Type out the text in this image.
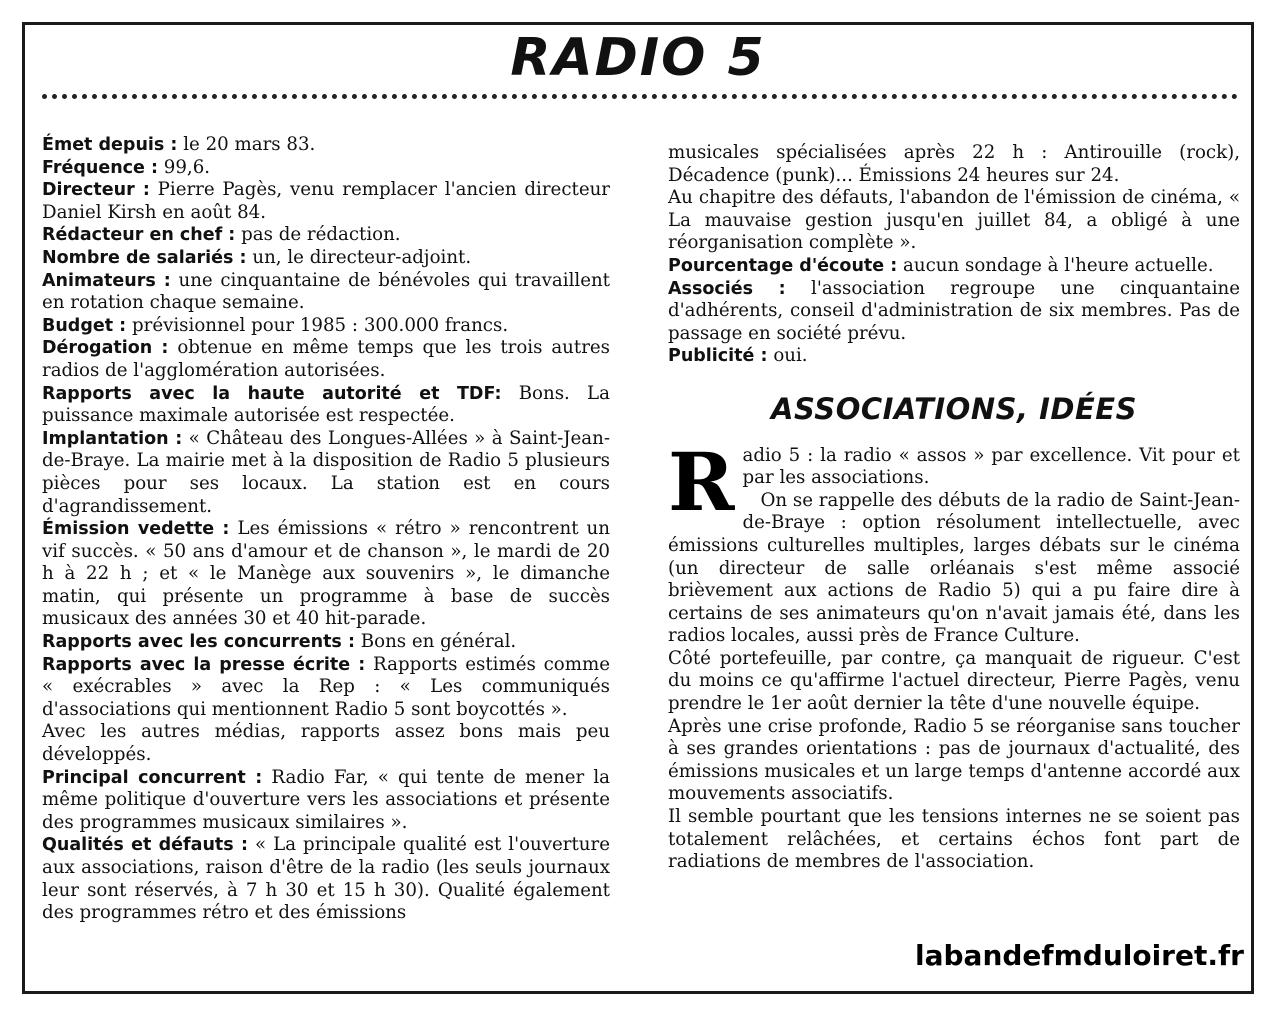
RADIO 5

Émet depuis : le 20 mars 83.

Fréquence : 99,6.

Directeur : Pierre Pagès, venu remplacer l'ancien directeur Daniel Kirsh en août 84.

Rédacteur en chef : pas de rédaction.

Nombre de salariés : un, le directeur-adjoint.

Animateurs : une cinquantaine de bénévoles qui travaillent en rotation chaque semaine.

Budget : prévisionnel pour 1985 : 300.000 francs.

Dérogation : obtenue en même temps que les trois autres radios de l'agglomération autorisées.

Rapports avec la haute autorité et TDF: Bons. La puissance maximale autorisée est respectée.

Implantation : « Château des Longues-Allées » à Saint-Jean-de-Braye. La mairie met à la disposition de Radio 5 plusieurs pièces pour ses locaux. La station est en cours d'agrandissement.

Émission vedette : Les émissions « rétro » rencontrent un vif succès. « 50 ans d'amour et de chanson », le mardi de 20 h à 22 h ; et « le Manège aux souvenirs », le dimanche matin, qui présente un programme à base de succès musicaux des années 30 et 40 hit-parade.

Rapports avec les concurrents : Bons en général.

Rapports avec la presse écrite : Rapports estimés comme « exécrables » avec la Rep : « Les communiqués d'associations qui mentionnent Radio 5 sont boycottés ».

Avec les autres médias, rapports assez bons mais peu développés.

Principal concurrent : Radio Far, « qui tente de mener la même politique d'ouverture vers les associations et présente des programmes musicaux similaires ».

Qualités et défauts : « La principale qualité est l'ouverture aux associations, raison d'être de la radio (les seuls journaux leur sont réservés, à 7 h 30 et 15 h 30). Qualité également des programmes rétro et des émissions

musicales spécialisées après 22 h : Antirouille (rock), Décadence (punk)... Émissions 24 heures sur 24.

Au chapitre des défauts, l'abandon de l'émission de cinéma, « La mauvaise gestion jusqu'en juillet 84, a obligé à une réorganisation complète ».

Pourcentage d'écoute : aucun sondage à l'heure actuelle.

Associés : l'association regroupe une cinquantaine d'adhérents, conseil d'administration de six membres. Pas de passage en société prévu.

Publicité : oui.

ASSOCIATIONS, IDÉES

Radio 5 : la radio « assos » par excellence. Vit pour et par les associations.

On se rappelle des débuts de la radio de Saint-Jean-de-Braye : option résolument intellectuelle, avec émissions culturelles multiples, larges débats sur le cinéma (un directeur de salle orléanais s'est même associé brièvement aux actions de Radio 5) qui a pu faire dire à certains de ses animateurs qu'on n'avait jamais été, dans les radios locales, aussi près de France Culture.

Côté portefeuille, par contre, ça manquait de rigueur. C'est du moins ce qu'affirme l'actuel directeur, Pierre Pagès, venu prendre le 1er août dernier la tête d'une nouvelle équipe.

Après une crise profonde, Radio 5 se réorganise sans toucher à ses grandes orientations : pas de journaux d'actualité, des émissions musicales et un large temps d'antenne accordé aux mouvements associatifs.

Il semble pourtant que les tensions internes ne se soient pas totalement relâchées, et certains échos font part de radiations de membres de l'association.

labandefmduloiret.fr
